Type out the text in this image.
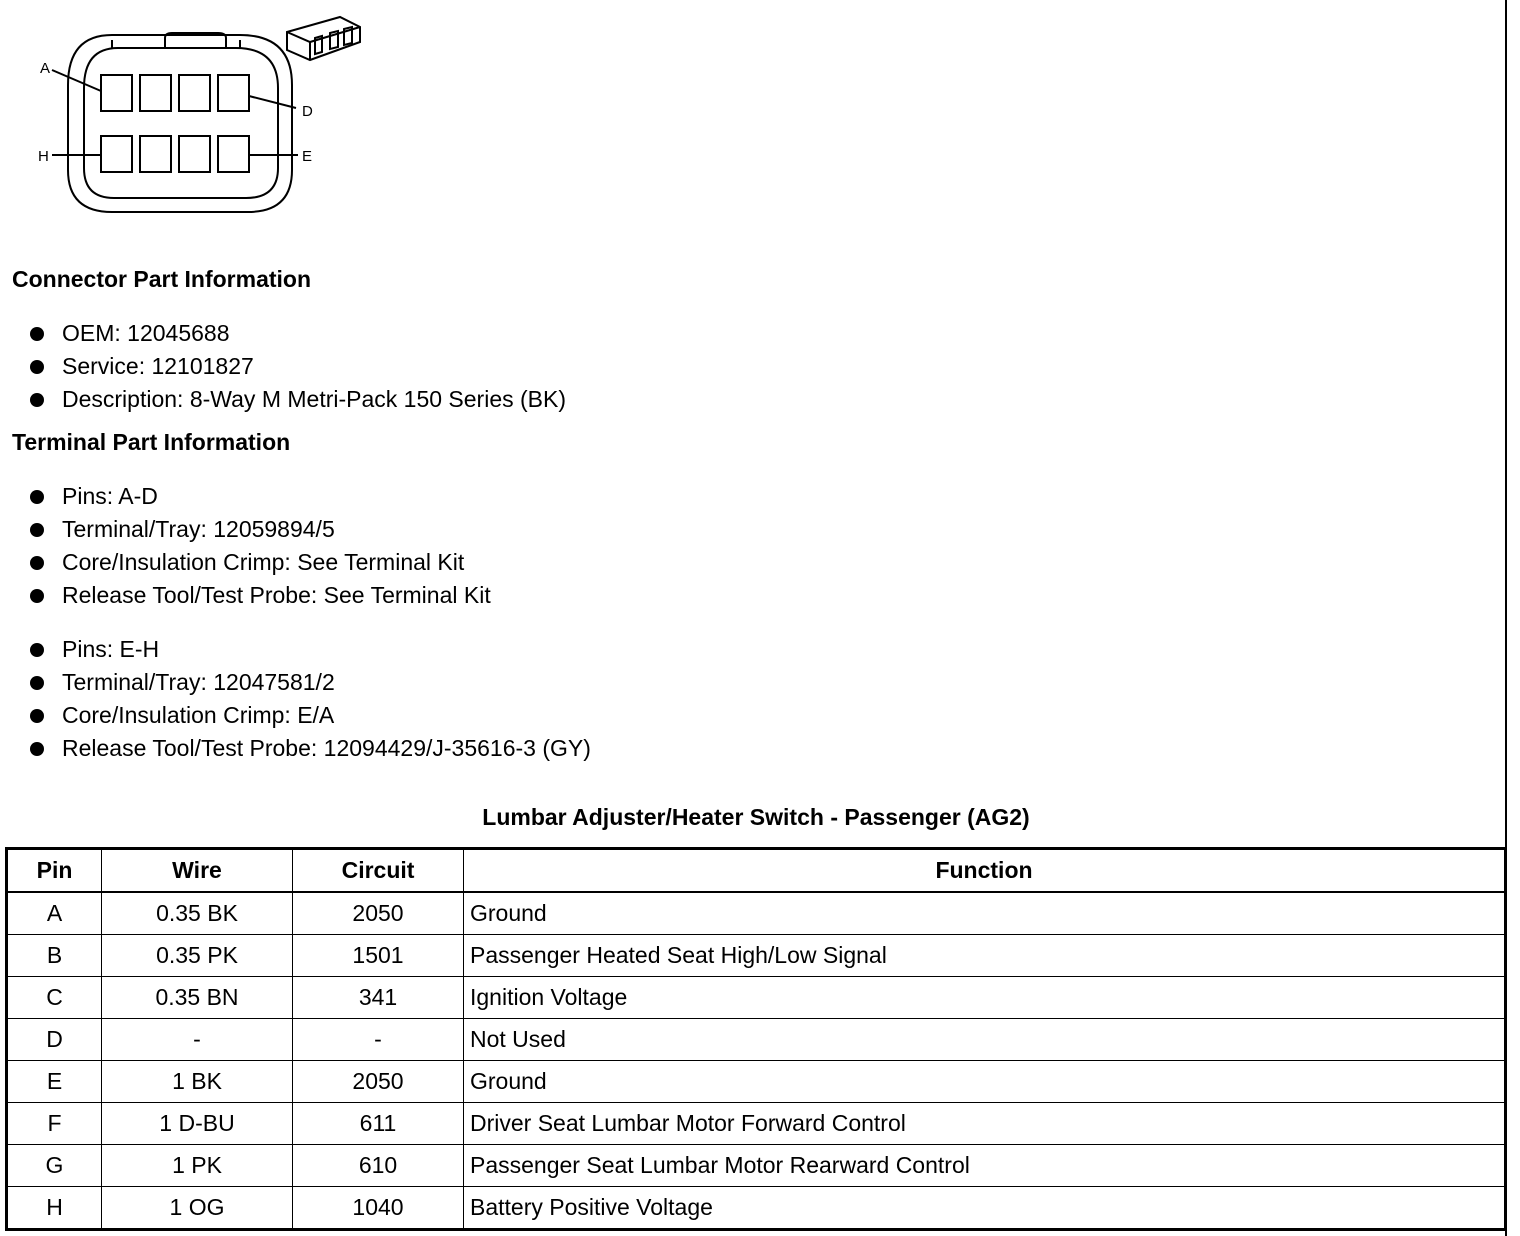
A
D
H	E
Connector Part Information
OEM: 12045688
Service: 12101827
Description: 8-Way M Metri-Pack 150 Series (BK)
Terminal Part Information
Pins: A-D
Terminal/Tray: 12059894/5
Core/Insulation Crimp: See Terminal Kit
Release Tool/Test Probe: See Terminal Kit
Pins: E-H
Terminal/Tray: 12047581/2
Core/Insulation Crimp: E/A
Release Tool/Test Probe: 12094429/J-35616-3 (GY)
Lumbar Adjuster/Heater Switch - Passenger (AG2)
Pin	Wire	Circuit	Function
A	0.35 BK	2050	Ground
B	0.35 PK	1501	Passenger Heated Seat High/Low Signal
C	0.35 BN	341	Ignition Voltage
D	-	-	Not Used
E	1 BK	2050	Ground
F	1 D-BU	611	Driver Seat Lumbar Motor Forward Control
G	1 PK	610	Passenger Seat Lumbar Motor Rearward Control
H	1 OG	1040	Battery Positive Voltage
